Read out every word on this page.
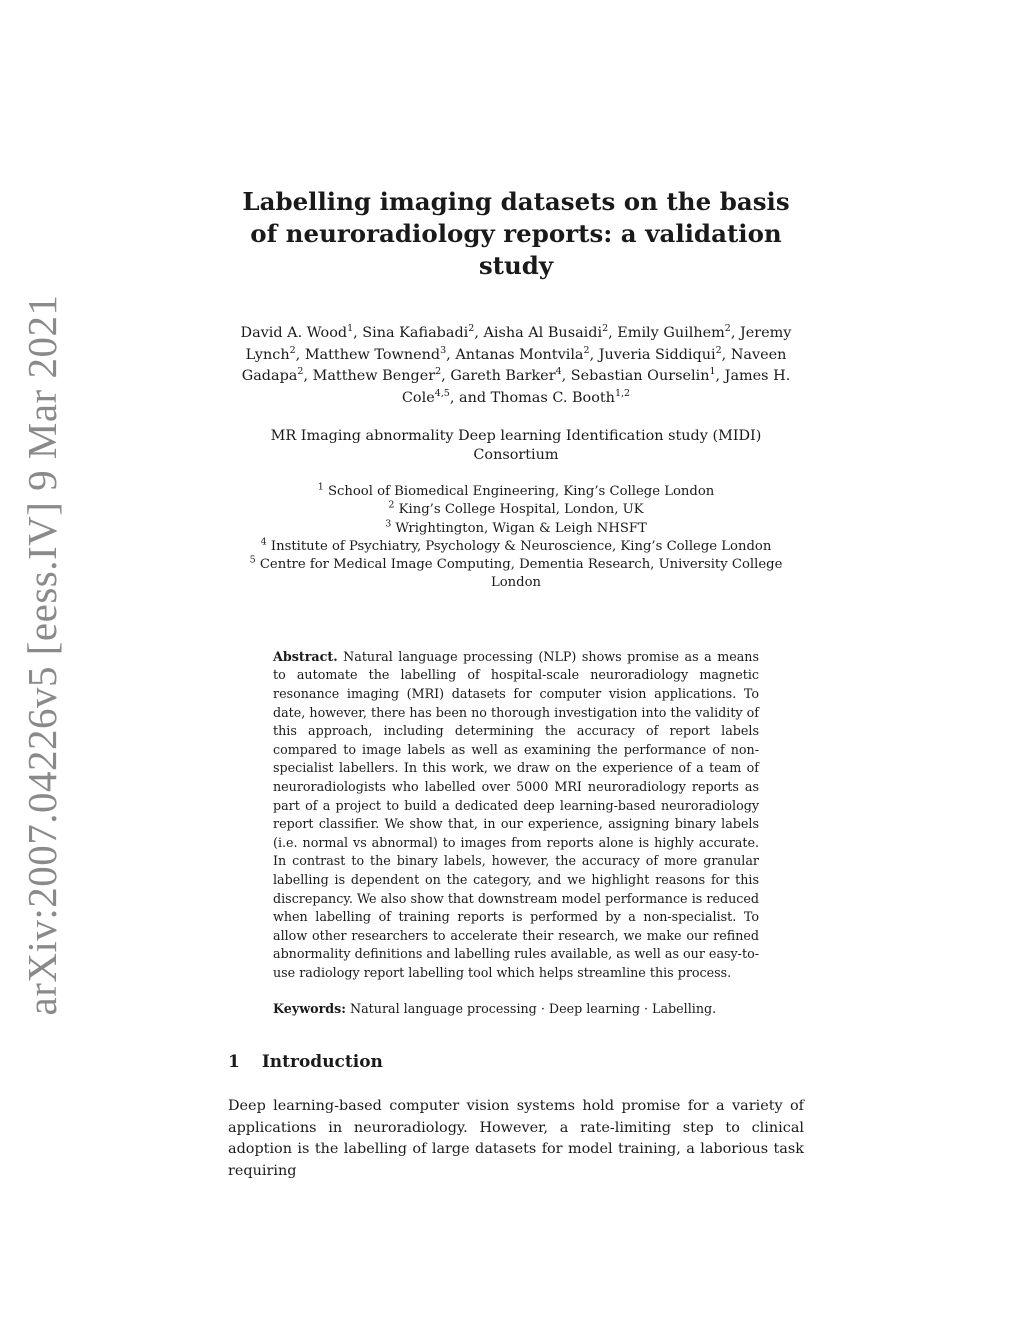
arXiv:2007.04226v5 [eess.IV] 9 Mar 2021
Labelling imaging datasets on the basis of neuroradiology reports: a validation study
David A. Wood$^1$, Sina Kafiabadi$^2$, Aisha Al Busaidi$^2$, Emily Guilhem$^2$, Jeremy Lynch$^2$, Matthew Townend$^3$, Antanas Montvila$^2$, Juveria Siddiqui$^2$, Naveen Gadapa$^2$, Matthew Benger$^2$, Gareth Barker$^4$, Sebastian Ourselin$^1$, James H. Cole$^{4,5}$, and Thomas C. Booth$^{1,2}$
MR Imaging abnormality Deep learning Identification study (MIDI) Consortium
$^1$ School of Biomedical Engineering, King’s College London
$^2$ King’s College Hospital, London, UK
$^3$ Wrightington, Wigan & Leigh NHSFT
$^4$ Institute of Psychiatry, Psychology & Neuroscience, King’s College London
$^5$ Centre for Medical Image Computing, Dementia Research, University College London
Abstract. Natural language processing (NLP) shows promise as a means to automate the labelling of hospital-scale neuroradiology magnetic resonance imaging (MRI) datasets for computer vision applications. To date, however, there has been no thorough investigation into the validity of this approach, including determining the accuracy of report labels compared to image labels as well as examining the performance of non-specialist labellers. In this work, we draw on the experience of a team of neuroradiologists who labelled over 5000 MRI neuroradiology reports as part of a project to build a dedicated deep learning-based neuroradiology report classifier. We show that, in our experience, assigning binary labels (i.e. normal vs abnormal) to images from reports alone is highly accurate. In contrast to the binary labels, however, the accuracy of more granular labelling is dependent on the category, and we highlight reasons for this discrepancy. We also show that downstream model performance is reduced when labelling of training reports is performed by a non-specialist. To allow other researchers to accelerate their research, we make our refined abnormality definitions and labelling rules available, as well as our easy-to-use radiology report labelling tool which helps streamline this process.
Keywords: Natural language processing · Deep learning · Labelling.
1 Introduction

Deep learning-based computer vision systems hold promise for a variety of applications in neuroradiology. However, a rate-limiting step to clinical adoption is the labelling of large datasets for model training, a laborious task requiring
